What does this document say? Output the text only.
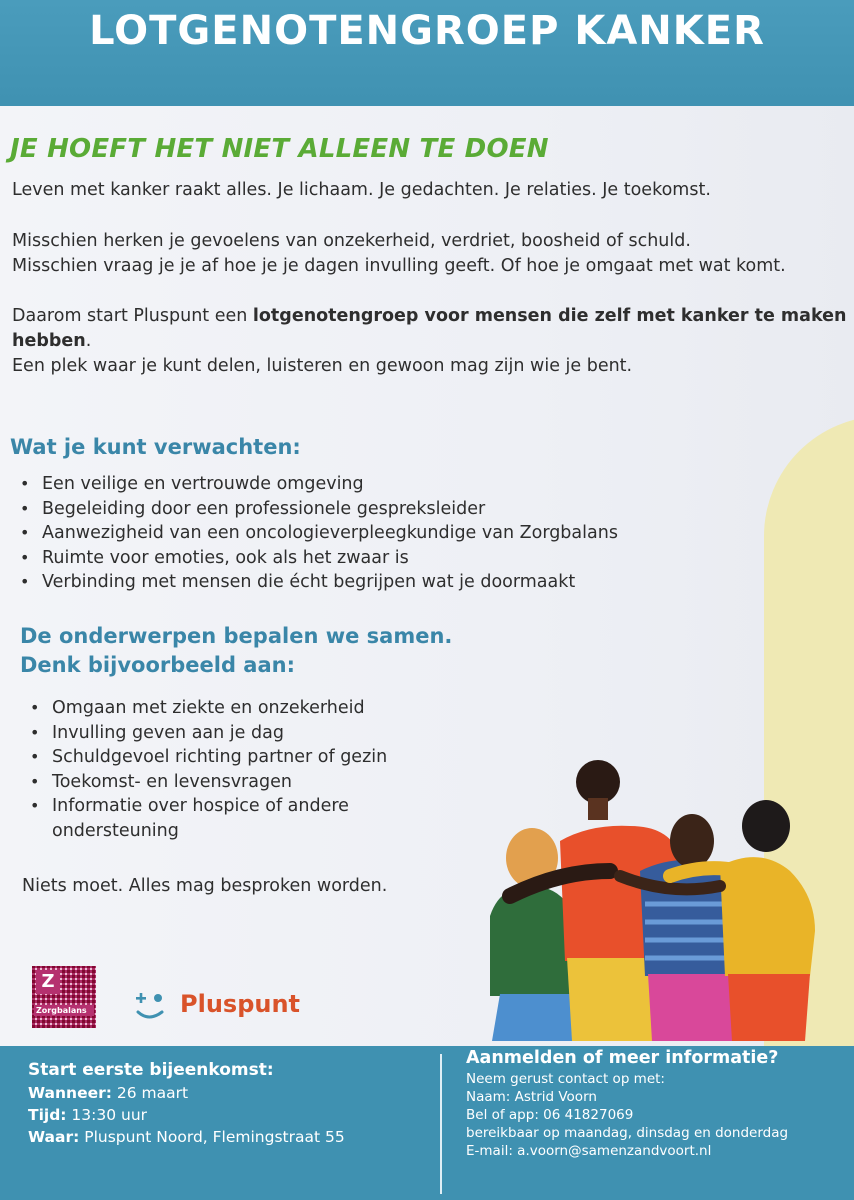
LOTGENOTENGROEP KANKER
JE HOEFT HET NIET ALLEEN TE DOEN
Leven met kanker raakt alles. Je lichaam. Je gedachten. Je relaties. Je toekomst.
Misschien herken je gevoelens van onzekerheid, verdriet, boosheid of schuld.
Misschien vraag je je af hoe je je dagen invulling geeft. Of hoe je omgaat met wat komt.
Daarom start Pluspunt een lotgenotengroep voor mensen die zelf met kanker te maken
hebben.
Een plek waar je kunt delen, luisteren en gewoon mag zijn wie je bent.
Wat je kunt verwachten:
• Een veilige en vertrouwde omgeving
• Begeleiding door een professionele gespreksleider
• Aanwezigheid van een oncologieverpleegkundige van Zorgbalans
• Ruimte voor emoties, ook als het zwaar is
• Verbinding met mensen die écht begrijpen wat je doormaakt
De onderwerpen bepalen we samen.
Denk bijvoorbeeld aan:
• Omgaan met ziekte en onzekerheid
• Invulling geven aan je dag
• Schuldgevoel richting partner of gezin
• Toekomst- en levensvragen
• Informatie over hospice of andere
ondersteuning
Niets moet. Alles mag besproken worden.
Z
Zorgbalans	Pluspunt
Start eerste bijeenkomst:
Wanneer: 26 maart
Tijd: 13:30 uur
Waar: Pluspunt Noord, Flemingstraat 55
Aanmelden of meer informatie?
Neem gerust contact op met:
Naam: Astrid Voorn
Bel of app: 06 41827069
bereikbaar op maandag, dinsdag en donderdag
E-mail: a.voorn@samenzandvoort.nl
